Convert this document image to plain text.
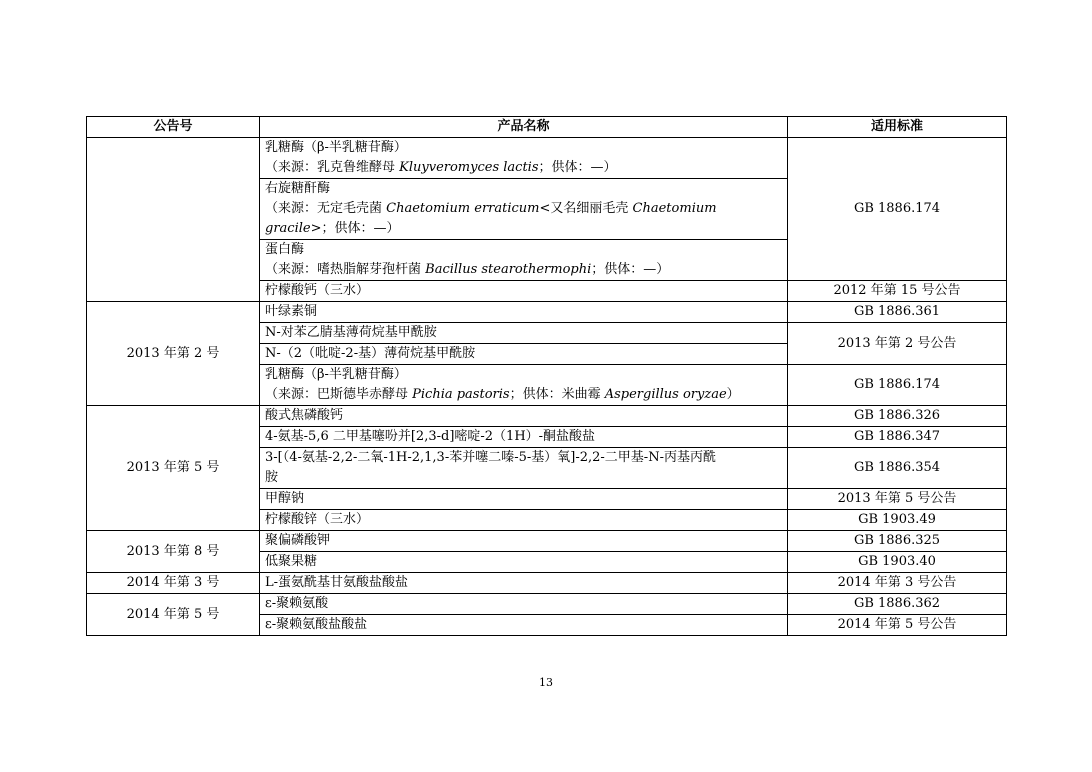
公告号	产品名称	适用标准

	乳糖酶（β-半乳糖苷酶）
（来源：乳克鲁维酵母 Kluyveromyces lactis；供体：—）	GB 1886.174

	右旋糖酐酶
（来源：无定毛壳菌 Chaetomium erraticum<又名细丽毛壳 Chaetomium
gracile>；供体：—）	

	蛋白酶
（来源：嗜热脂解芽孢杆菌 Bacillus stearothermophi；供体：—）	

	柠檬酸钙（三水）	2012 年第 15 号公告
2013 年第 2 号	叶绿素铜	GB 1886.361
	N-对苯乙腈基薄荷烷基甲酰胺	2013 年第 2 号公告
	N-（2（吡啶-2-基）薄荷烷基甲酰胺	

	乳糖酶（β-半乳糖苷酶）
（来源：巴斯德毕赤酵母 Pichia pastoris；供体：米曲霉 Aspergillus oryzae）	GB 1886.174
2013 年第 5 号	酸式焦磷酸钙	GB 1886.326
	4-氨基-5,6 二甲基噻吩并[2,3-d]嘧啶-2（1H）-酮盐酸盐	GB 1886.347

	3-[（4-氨基-2,2-二氧-1H-2,1,3-苯并噻二嗪-5-基）氧]-2,2-二甲基-N-丙基丙酰
胺	GB 1886.354
	甲醇钠	2013 年第 5 号公告
	柠檬酸锌（三水）	GB 1903.49
2013 年第 8 号	聚偏磷酸钾	GB 1886.325
	低聚果糖	GB 1903.40
2014 年第 3 号	L-蛋氨酰基甘氨酸盐酸盐	2014 年第 3 号公告
2014 年第 5 号	ε-聚赖氨酸	GB 1886.362
	ε-聚赖氨酸盐酸盐	2014 年第 5 号公告
13
